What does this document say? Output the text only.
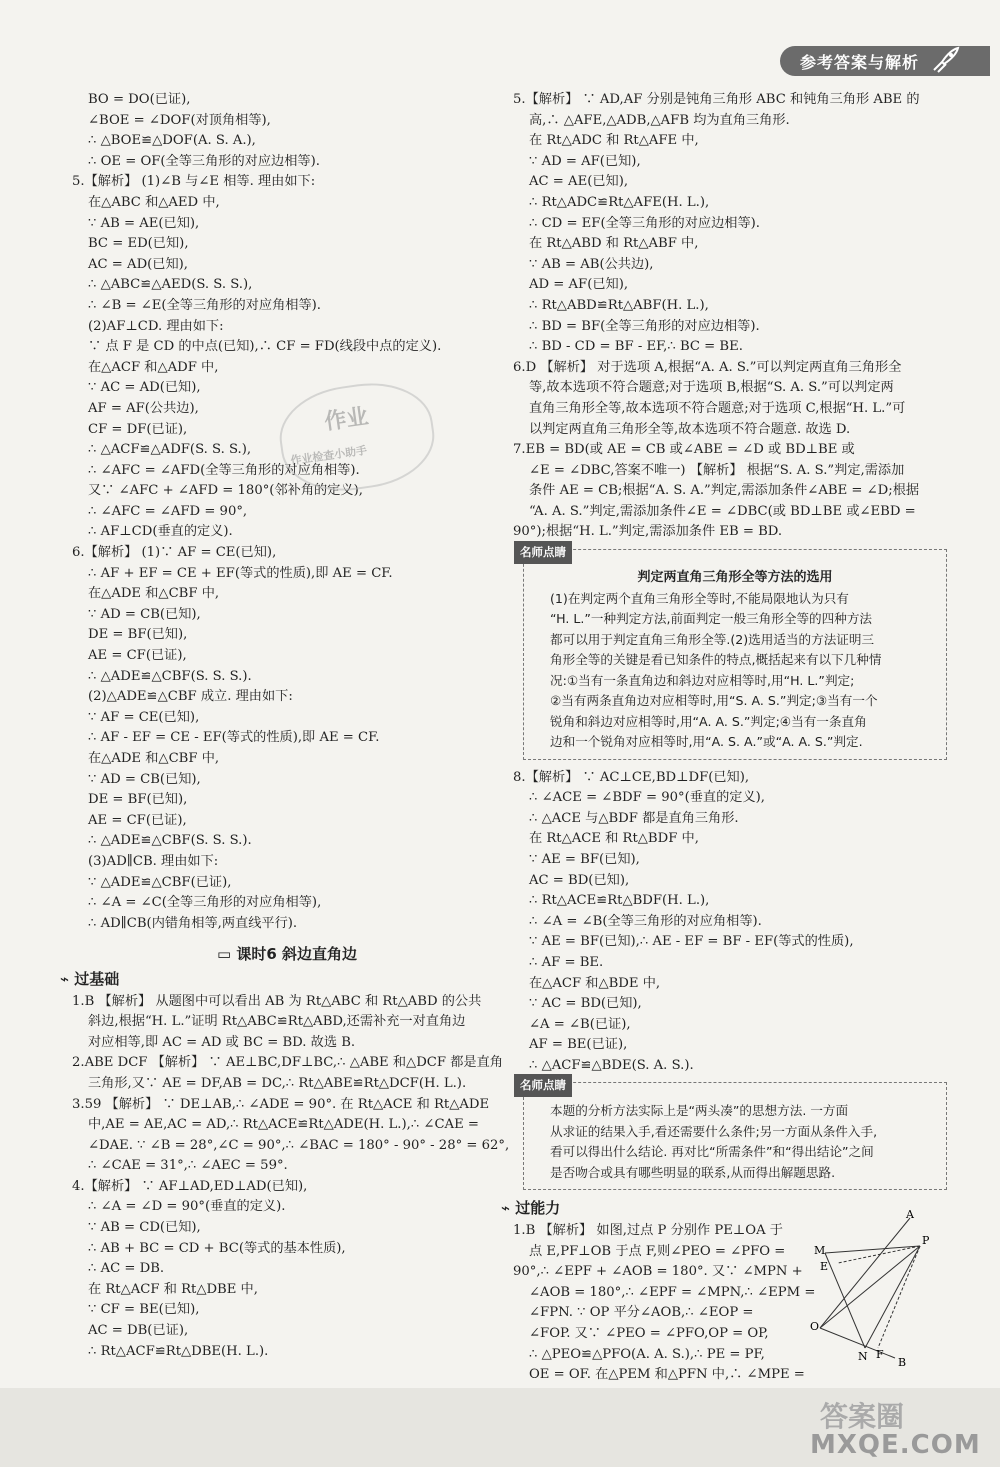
参考答案与解析
BO = DO(已证),
∠BOE = ∠DOF(对顶角相等),
∴ △BOE≌△DOF(A. S. A.),
∴ OE = OF(全等三角形的对应边相等).
5.【解析】 (1)∠B 与∠E 相等. 理由如下:
在△ABC 和△AED 中,
∵ AB = AE(已知),
BC = ED(已知),
AC = AD(已知),
∴ △ABC≌△AED(S. S. S.),
∴ ∠B = ∠E(全等三角形的对应角相等).
(2)AF⊥CD. 理由如下:
∵ 点 F 是 CD 的中点(已知),∴ CF = FD(线段中点的定义).
在△ACF 和△ADF 中,
∵ AC = AD(已知),
AF = AF(公共边),
CF = DF(已证),
∴ △ACF≌△ADF(S. S. S.),
∴ ∠AFC = ∠AFD(全等三角形的对应角相等).
又∵ ∠AFC + ∠AFD = 180°(邻补角的定义),
∴ ∠AFC = ∠AFD = 90°,
∴ AF⊥CD(垂直的定义).
6.【解析】 (1)∵ AF = CE(已知),
∴ AF + EF = CE + EF(等式的性质),即 AE = CF.
在△ADE 和△CBF 中,
∵ AD = CB(已知),
DE = BF(已知),
AE = CF(已证),
∴ △ADE≌△CBF(S. S. S.).
(2)△ADE≌△CBF 成立. 理由如下:
∵ AF = CE(已知),
∴ AF - EF = CE - EF(等式的性质),即 AE = CF.
在△ADE 和△CBF 中,
∵ AD = CB(已知),
DE = BF(已知),
AE = CF(已证),
∴ △ADE≌△CBF(S. S. S.).
(3)AD∥CB. 理由如下:
∵ △ADE≌△CBF(已证),
∴ ∠A = ∠C(全等三角形的对应角相等),
∴ AD∥CB(内错角相等,两直线平行).
▭ 课时6 斜边直角边
⌁ 过基础
1.B 【解析】 从题图中可以看出 AB 为 Rt△ABC 和 Rt△ABD 的公共
斜边,根据“H. L.”证明 Rt△ABC≌Rt△ABD,还需补充一对直角边
对应相等,即 AC = AD 或 BC = BD. 故选 B.
2.ABE DCF 【解析】 ∵ AE⊥BC,DF⊥BC,∴ △ABE 和△DCF 都是直角
三角形,又∵ AE = DF,AB = DC,∴ Rt△ABE≌Rt△DCF(H. L.).
3.59 【解析】 ∵ DE⊥AB,∴ ∠ADE = 90°. 在 Rt△ACE 和 Rt△ADE
中,AE = AE,AC = AD,∴ Rt△ACE≌Rt△ADE(H. L.),∴ ∠CAE =
∠DAE. ∵ ∠B = 28°,∠C = 90°,∴ ∠BAC = 180° - 90° - 28° = 62°,
∴ ∠CAE = 31°,∴ ∠AEC = 59°.
4.【解析】 ∵ AF⊥AD,ED⊥AD(已知),
∴ ∠A = ∠D = 90°(垂直的定义).
∵ AB = CD(已知),
∴ AB + BC = CD + BC(等式的基本性质),
∴ AC = DB.
在 Rt△ACF 和 Rt△DBE 中,
∵ CF = BE(已知),
AC = DB(已证),
∴ Rt△ACF≌Rt△DBE(H. L.).
作业
作业检查小助手
5.【解析】 ∵ AD,AF 分别是钝角三角形 ABC 和钝角三角形 ABE 的
高,∴ △AFE,△ADB,△AFB 均为直角三角形.
在 Rt△ADC 和 Rt△AFE 中,
∵ AD = AF(已知),
AC = AE(已知),
∴ Rt△ADC≌Rt△AFE(H. L.),
∴ CD = EF(全等三角形的对应边相等).
在 Rt△ABD 和 Rt△ABF 中,
∵ AB = AB(公共边),
AD = AF(已知),
∴ Rt△ABD≌Rt△ABF(H. L.),
∴ BD = BF(全等三角形的对应边相等).
∴ BD - CD = BF - EF,∴ BC = BE.
6.D 【解析】 对于选项 A,根据“A. A. S.”可以判定两直角三角形全
等,故本选项不符合题意;对于选项 B,根据“S. A. S.”可以判定两
直角三角形全等,故本选项不符合题意;对于选项 C,根据“H. L.”可
以判定两直角三角形全等,故本选项不符合题意. 故选 D.
7.EB = BD(或 AE = CB 或∠ABE = ∠D 或 BD⊥BE 或
∠E = ∠DBC,答案不唯一) 【解析】 根据“S. A. S.”判定,需添加
条件 AE = CB;根据“A. S. A.”判定,需添加条件∠ABE = ∠D;根据
“A. A. S.”判定,需添加条件∠E = ∠DBC(或 BD⊥BE 或∠EBD =
90°);根据“H. L.”判定,需添加条件 EB = BD.
名师点睛
判定两直角三角形全等方法的选用
(1)在判定两个直角三角形全等时,不能局限地认为只有
“H. L.”一种判定方法,前面判定一般三角形全等的四种方法
都可以用于判定直角三角形全等.(2)选用适当的方法证明三
角形全等的关键是看已知条件的特点,概括起来有以下几种情
况:①当有一条直角边和斜边对应相等时,用“H. L.”判定;
②当有两条直角边对应相等时,用“S. A. S.”判定;③当有一个
锐角和斜边对应相等时,用“A. A. S.”判定;④当有一条直角
边和一个锐角对应相等时,用“A. S. A.”或“A. A. S.”判定.
8.【解析】 ∵ AC⊥CE,BD⊥DF(已知),
∴ ∠ACE = ∠BDF = 90°(垂直的定义),
∴ △ACE 与△BDF 都是直角三角形.
在 Rt△ACE 和 Rt△BDF 中,
∵ AE = BF(已知),
AC = BD(已知),
∴ Rt△ACE≌Rt△BDF(H. L.),
∴ ∠A = ∠B(全等三角形的对应角相等).
∵ AE = BF(已知),∴ AE - EF = BF - EF(等式的性质),
∴ AF = BE.
在△ACF 和△BDE 中,
∵ AC = BD(已知),
∠A = ∠B(已证),
AF = BE(已证),
∴ △ACF≌△BDE(S. A. S.).
名师点睛
本题的分析方法实际上是“两头凑”的思想方法. 一方面
从求证的结果入手,看还需要什么条件;另一方面从条件入手,
看可以得出什么结论. 再对比“所需条件”和“得出结论”之间
是否吻合或具有哪些明显的联系,从而得出解题思路.
⌁ 过能力
1.B 【解析】 如图,过点 P 分别作 PE⊥OA 于
点 E,PF⊥OB 于点 F,则∠PEO = ∠PFO =
90°,∴ ∠EPF + ∠AOB = 180°. 又∵ ∠MPN +
∠AOB = 180°,∴ ∠EPF = ∠MPN,∴ ∠EPM =
∠FPN. ∵ OP 平分∠AOB,∴ ∠EOP =
∠FOP. 又∵ ∠PEO = ∠PFO,OP = OP,
∴ △PEO≌△PFO(A. A. S.),∴ PE = PF,
OE = OF. 在△PEM 和△PFN 中,∴ ∠MPE =
A
P
M
E
O
N F
B
答案圈
MXQE.COM
